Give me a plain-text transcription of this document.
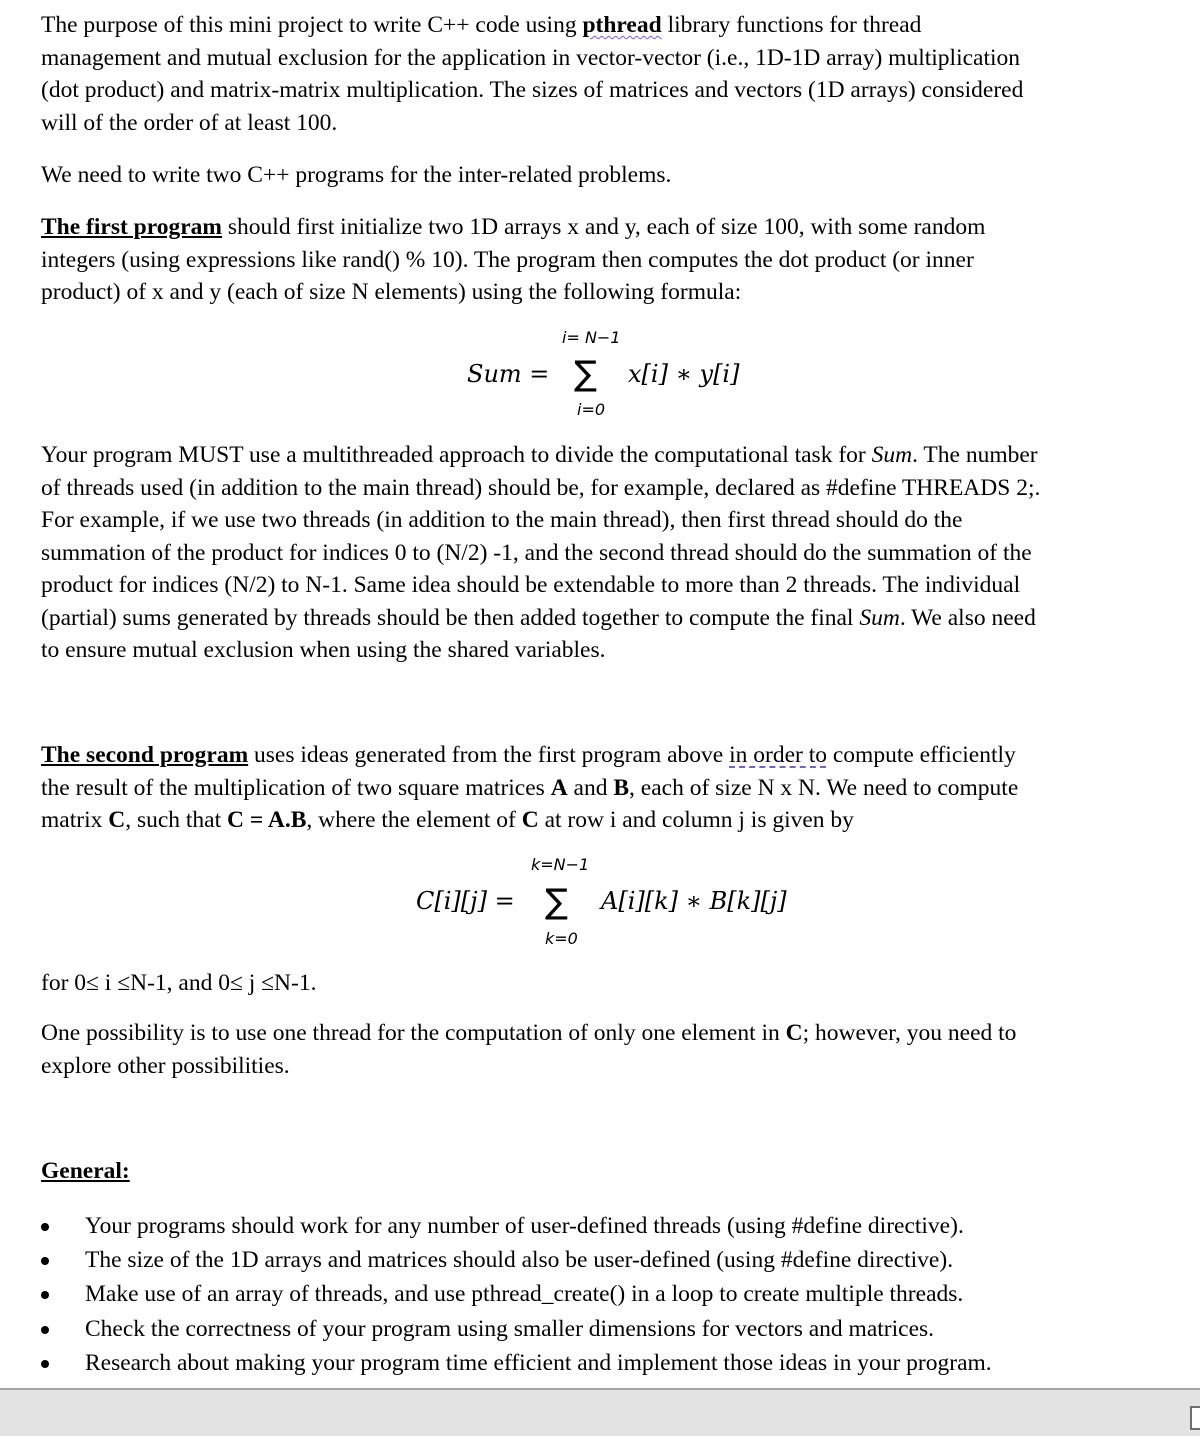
The purpose of this mini project to write C++ code using pthread library functions for thread
management and mutual exclusion for the application in vector-vector (i.e., 1D-1D array) multiplication
(dot product) and matrix-matrix multiplication. The sizes of matrices and vectors (1D arrays) considered
will of the order of at least 100.

We need to write two C++ programs for the inter-related problems.

The first program should first initialize two 1D arrays x and y, each of size 100, with some random
integers (using expressions like rand() % 10). The program then computes the dot product (or inner
product) of x and y (each of size N elements) using the following formula:

Sum =
i= N−1
∑
i=0
x[i] ∗ y[i]

Your program MUST use a multithreaded approach to divide the computational task for Sum. The number
of threads used (in addition to the main thread) should be, for example, declared as #define THREADS 2;.
For example, if we use two threads (in addition to the main thread), then first thread should do the
summation of the product for indices 0 to (N/2) -1, and the second thread should do the summation of the
product for indices (N/2) to N-1. Same idea should be extendable to more than 2 threads. The individual
(partial) sums generated by threads should be then added together to compute the final Sum. We also need
to ensure mutual exclusion when using the shared variables.

The second program uses ideas generated from the first program above in order to compute efficiently
the result of the multiplication of two square matrices A and B, each of size N x N. We need to compute
matrix C, such that C = A.B, where the element of C at row i and column j is given by

C[i][j] =
k=N−1
∑
k=0
A[i][k] ∗ B[k][j]

for 0≤ i ≤N-1, and 0≤ j ≤N-1.

One possibility is to use one thread for the computation of only one element in C; however, you need to
explore other possibilities.

General:

Your programs should work for any number of user-defined threads (using #define directive).
The size of the 1D arrays and matrices should also be user-defined (using #define directive).
Make use of an array of threads, and use pthread_create() in a loop to create multiple threads.
Check the correctness of your program using smaller dimensions for vectors and matrices.
Research about making your program time efficient and implement those ideas in your program.
